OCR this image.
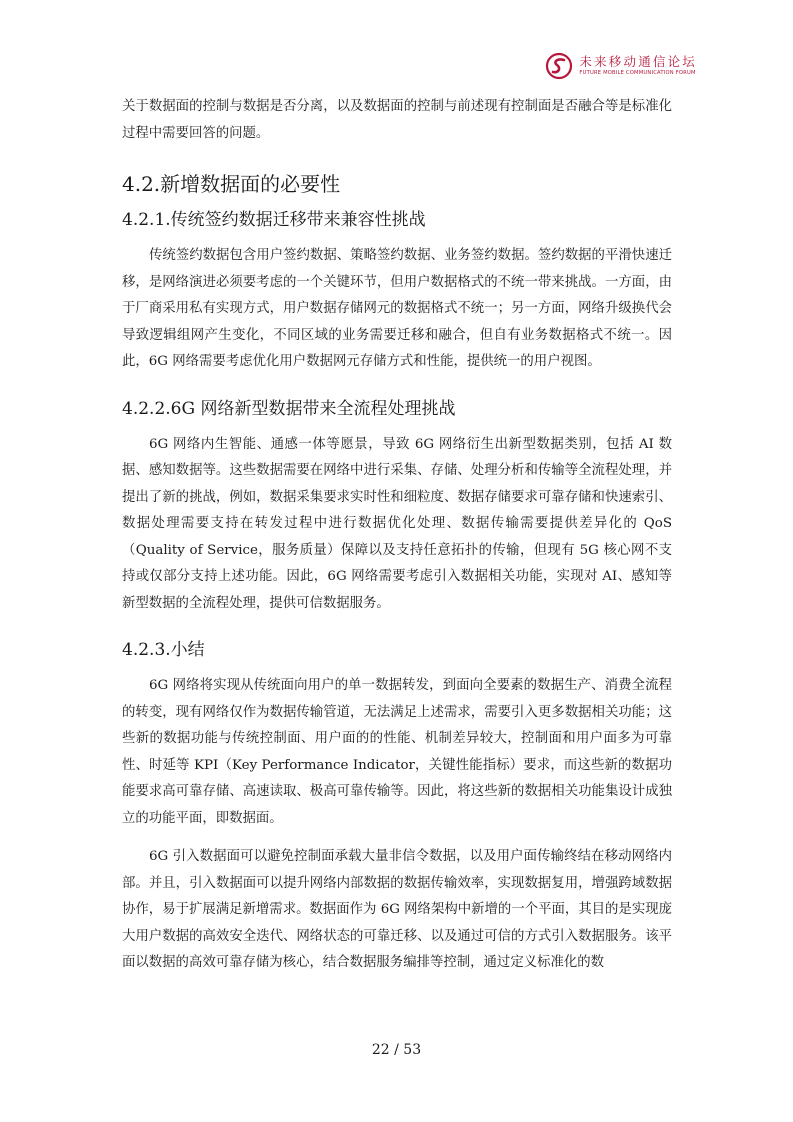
未来移动通信论坛
FUTURE MOBILE COMMUNICATION FORUM

关于数据面的控制与数据是否分离，以及数据面的控制与前述现有控制面是否融合等是标准化过程中需要回答的问题。

4.2.新增数据面的必要性
4.2.1.传统签约数据迁移带来兼容性挑战

传统签约数据包含用户签约数据、策略签约数据、业务签约数据。签约数据的平滑快速迁移，是网络演进必须要考虑的一个关键环节，但用户数据格式的不统一带来挑战。一方面，由于厂商采用私有实现方式，用户数据存储网元的数据格式不统一；另一方面，网络升级换代会导致逻辑组网产生变化，不同区域的业务需要迁移和融合，但自有业务数据格式不统一。因此，6G 网络需要考虑优化用户数据网元存储方式和性能，提供统一的用户视图。

4.2.2.6G 网络新型数据带来全流程处理挑战

6G 网络内生智能、通感一体等愿景，导致 6G 网络衍生出新型数据类别，包括 AI 数据、感知数据等。这些数据需要在网络中进行采集、存储、处理分析和传输等全流程处理，并提出了新的挑战，例如，数据采集要求实时性和细粒度、数据存储要求可靠存储和快速索引、数据处理需要支持在转发过程中进行数据优化处理、数据传输需要提供差异化的 QoS（Quality of Service，服务质量）保障以及支持任意拓扑的传输，但现有 5G 核心网不支持或仅部分支持上述功能。因此，6G 网络需要考虑引入数据相关功能，实现对 AI、感知等新型数据的全流程处理，提供可信数据服务。

4.2.3.小结

6G 网络将实现从传统面向用户的单一数据转发，到面向全要素的数据生产、消费全流程的转变，现有网络仅作为数据传输管道，无法满足上述需求，需要引入更多数据相关功能；这些新的数据功能与传统控制面、用户面的的性能、机制差异较大，控制面和用户面多为可靠性、时延等 KPI（Key Performance Indicator，关键性能指标）要求，而这些新的数据功能要求高可靠存储、高速读取、极高可靠传输等。因此，将这些新的数据相关功能集设计成独立的功能平面，即数据面。

6G 引入数据面可以避免控制面承载大量非信令数据，以及用户面传输终结在移动网络内部。并且，引入数据面可以提升网络内部数据的数据传输效率，实现数据复用，增强跨域数据协作，易于扩展满足新增需求。数据面作为 6G 网络架构中新增的一个平面，其目的是实现庞大用户数据的高效安全迭代、网络状态的可靠迁移、以及通过可信的方式引入数据服务。该平面以数据的高效可靠存储为核心，结合数据服务编排等控制，通过定义标准化的数

22 / 53
